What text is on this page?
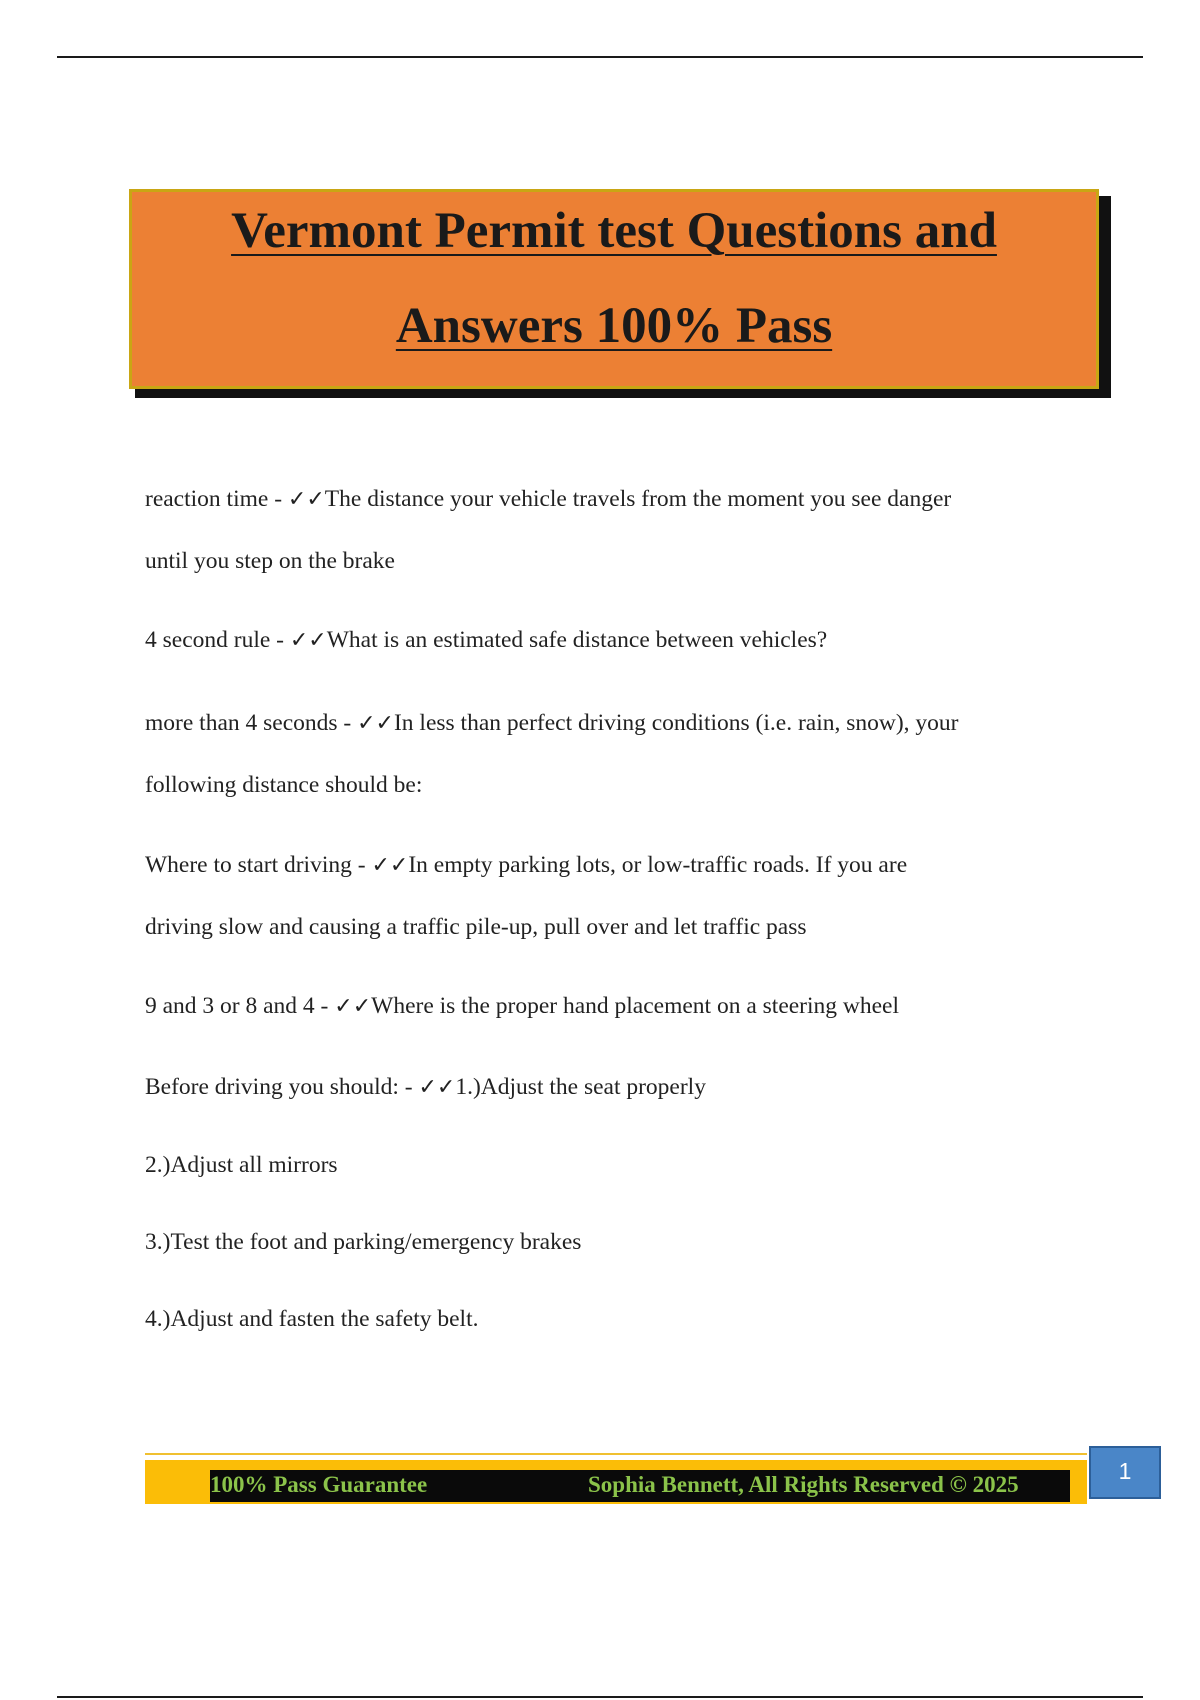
Vermont Permit test Questions and
Answers 100% Pass
reaction time - ✓✓The distance your vehicle travels from the moment you see danger
until you step on the brake
4 second rule - ✓✓What is an estimated safe distance between vehicles?
more than 4 seconds - ✓✓In less than perfect driving conditions (i.e. rain, snow), your
following distance should be:
Where to start driving - ✓✓In empty parking lots, or low-traffic roads. If you are
driving slow and causing a traffic pile-up, pull over and let traffic pass
9 and 3 or 8 and 4 - ✓✓Where is the proper hand placement on a steering wheel
Before driving you should: - ✓✓1.)Adjust the seat properly
2.)Adjust all mirrors
3.)Test the foot and parking/emergency brakes
4.)Adjust and fasten the safety belt.
100% Pass Guarantee	Sophia Bennett, All Rights Reserved © 2025
1
